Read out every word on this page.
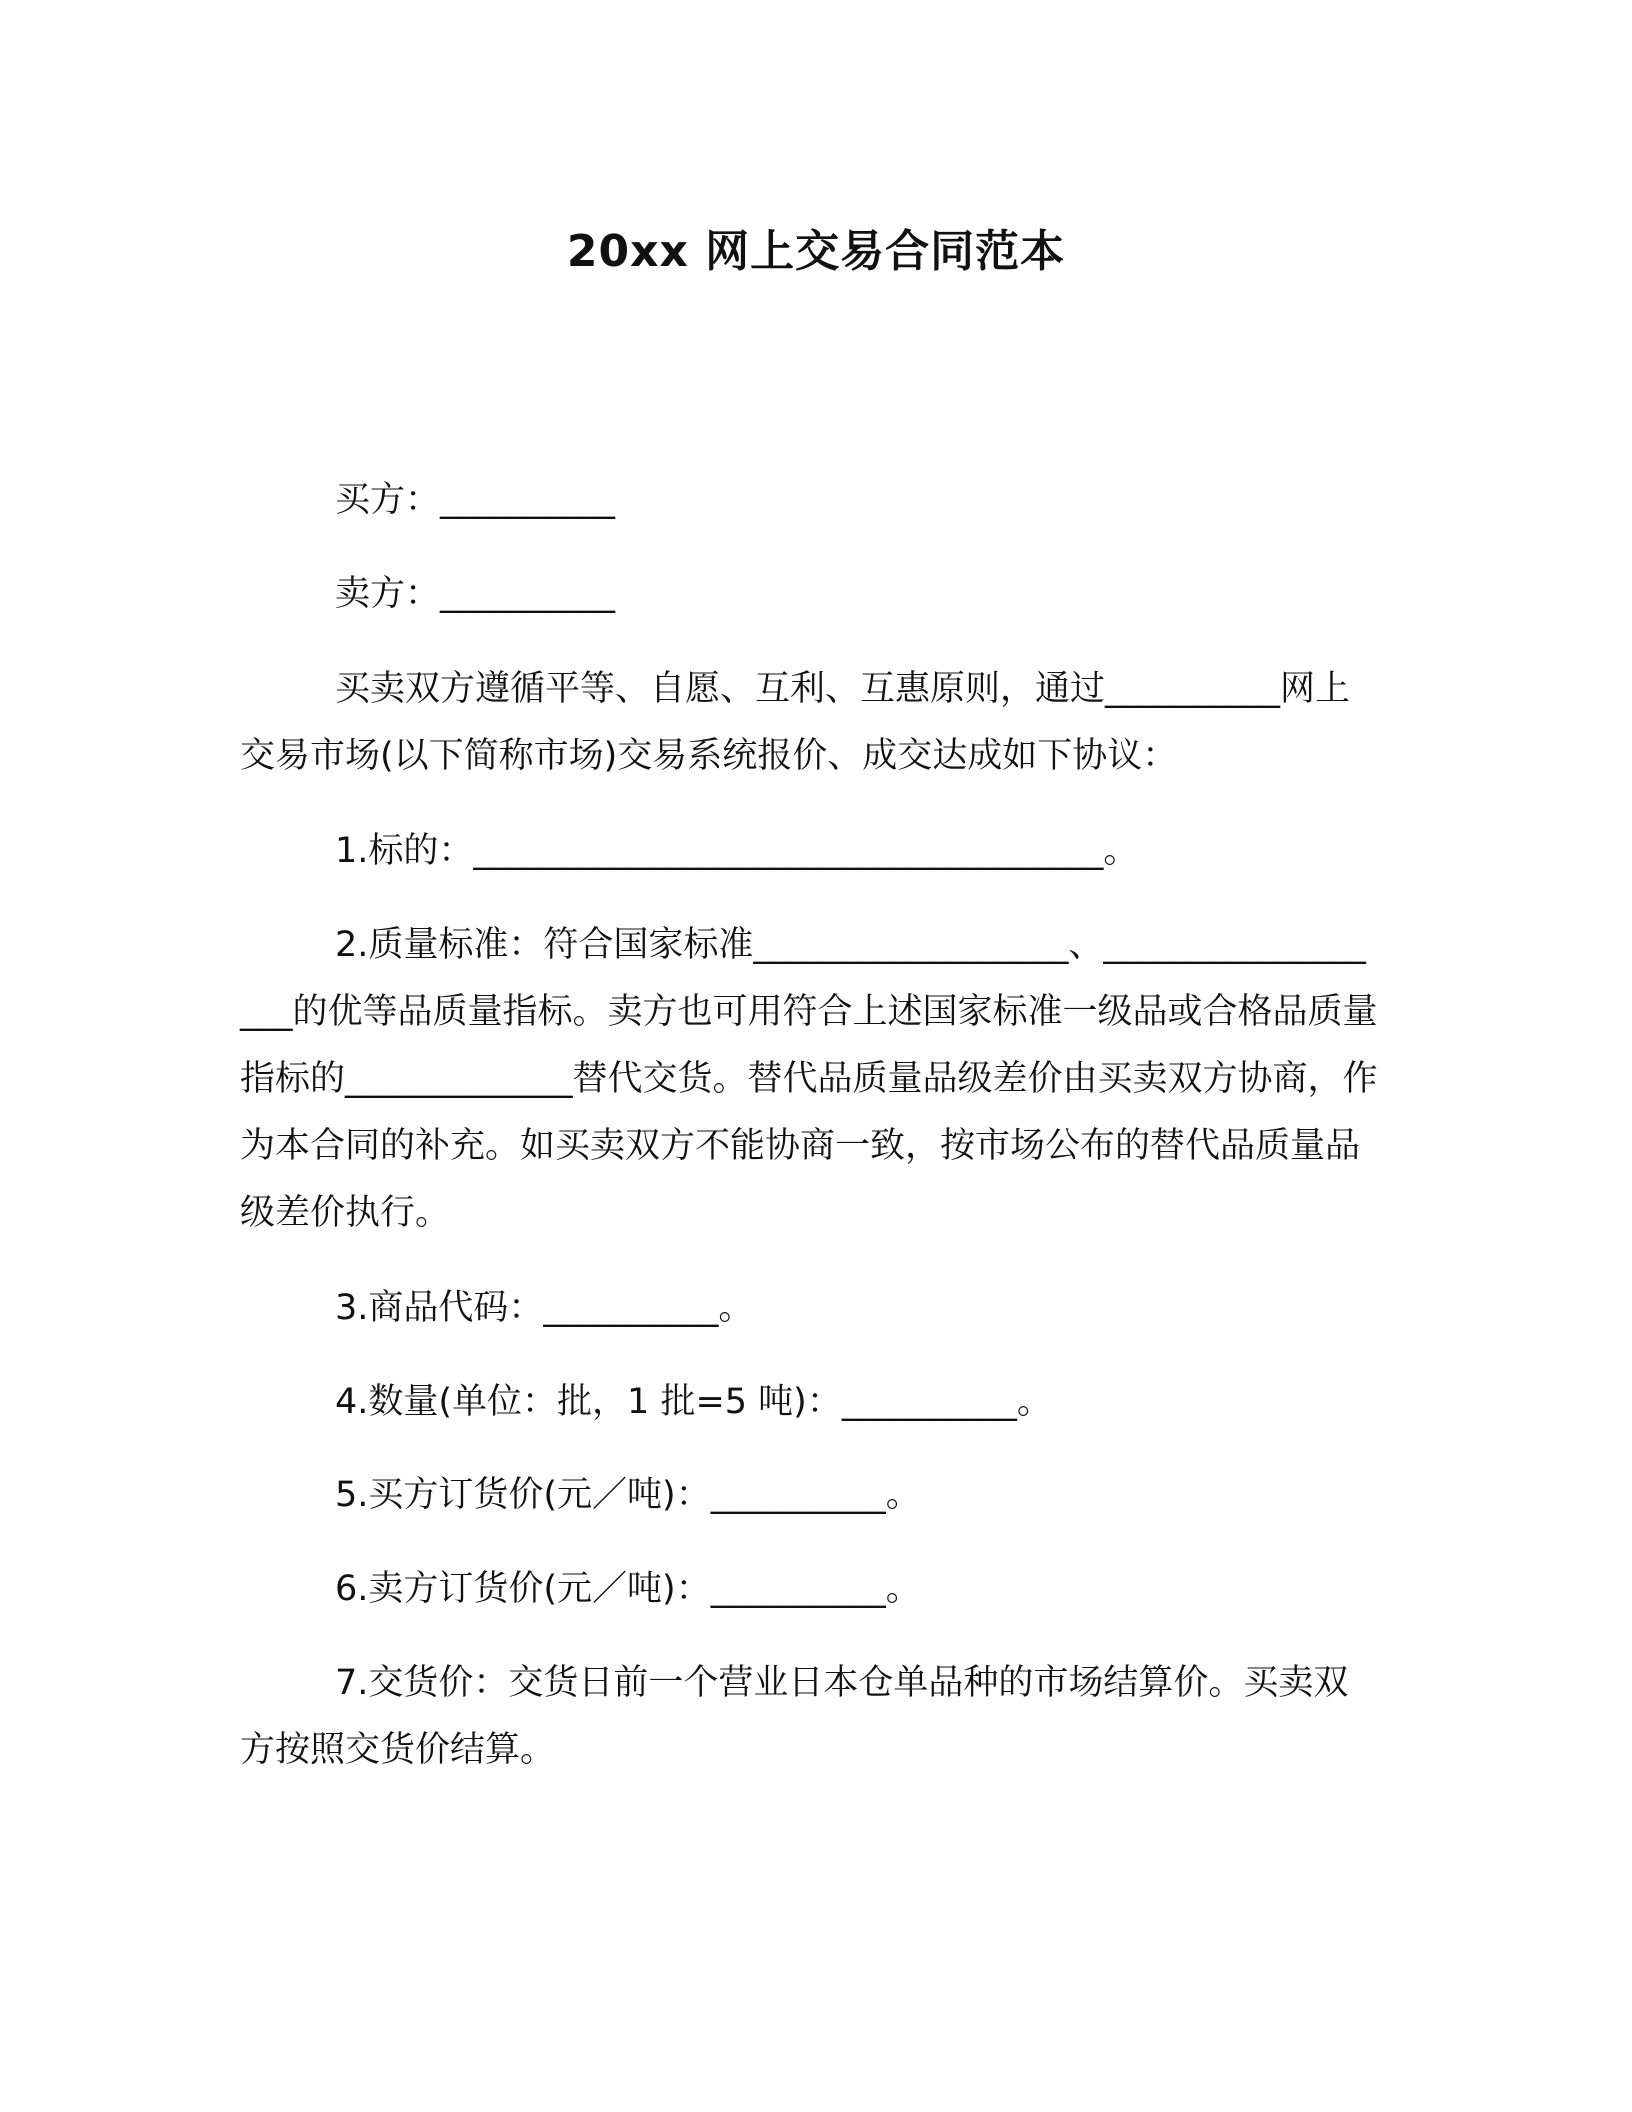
20xx 网上交易合同范本

买方：__________

卖方：__________

买卖双方遵循平等、自愿、互利、互惠原则，通过__________网上交易市场(以下简称市场)交易系统报价、成交达成如下协议：

1.标的：____________________________________。

2.质量标准：符合国家标准__________________、__________________的优等品质量指标。卖方也可用符合上述国家标准一级品或合格品质量指标的_____________替代交货。替代品质量品级差价由买卖双方协商，作为本合同的补充。如买卖双方不能协商一致，按市场公布的替代品质量品级差价执行。

3.商品代码：__________。

4.数量(单位：批，1 批=5 吨)：__________。

5.买方订货价(元／吨)：__________。

6.卖方订货价(元／吨)：__________。

7.交货价：交货日前一个营业日本仓单品种的市场结算价。买卖双方按照交货价结算。
